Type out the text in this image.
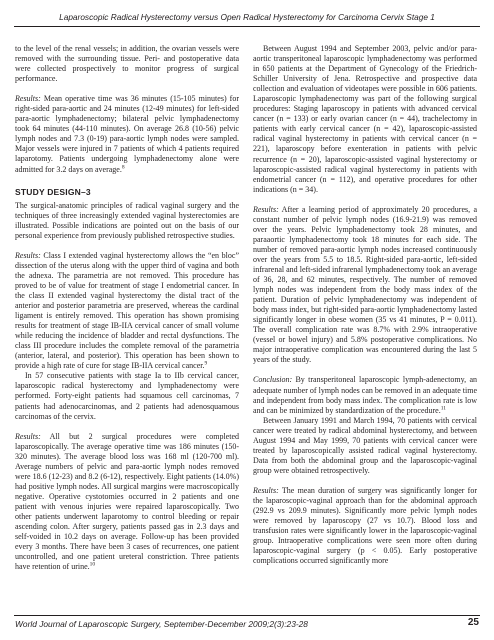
Laparoscopic Radical Hysterectomy versus Open Radical Hysterectomy for Carcinoma Cervix Stage 1

to the level of the renal vessels; in addition, the ovarian vessels were removed with the surrounding tissue. Peri- and postoperative data were collected prospectively to monitor progress of surgical performance.

Results: Mean operative time was 36 minutes (15-105 minutes) for right-sided para-aortic and 24 minutes (12-49 minutes) for left-sided para-aortic lymphadenectomy; bilateral pelvic lymphadenectomy took 64 minutes (44-110 minutes). On average 26.8 (10-56) pelvic lymph nodes and 7.3 (0-19) para-aortic lymph nodes were sampled. Major vessels were injured in 7 patients of which 4 patients required laparotomy. Patients undergoing lymphadenectomy alone were admitted for 3.2 days on average.$^8$

STUDY DESIGN–3

The surgical-anatomic principles of radical vaginal surgery and the techniques of three increasingly extended vaginal hysterectomies are illustrated. Possible indications are pointed out on the basis of our personal experience from previously published retrospective studies.

Results: Class I extended vaginal hysterectomy allows the “en bloc” dissection of the uterus along with the upper third of vagina and both the adnexa. The parametria are not removed. This procedure has proved to be of value for treatment of stage I endometrial cancer. In the class II extended vaginal hysterectomy the distal tract of the anterior and posterior parametria are preserved, whereas the cardinal ligament is entirely removed. This operation has shown promising results for treatment of stage IB-IIA cervical cancer of small volume while reducing the incidence of bladder and rectal dysfunctions. The class III procedure includes the complete removal of the parametria (anterior, lateral, and posterior). This operation has been shown to provide a high rate of cure for stage IB-IIA cervical cancer.$^9$

In 57 consecutive patients with stage Ia to IIb cervical cancer, laparoscopic radical hysterectomy and lymphadenectomy were performed. Forty-eight patients had squamous cell carcinomas, 7 patients had adenocarcinomas, and 2 patients had adenosquamous carcinomas of the cervix.

Results: All but 2 surgical procedures were completed laparoscopically. The average operative time was 186 minutes (150-320 minutes). The average blood loss was 168 ml (120-700 ml). Average numbers of pelvic and para-aortic lymph nodes removed were 18.6 (12-23) and 8.2 (6-12), respectively. Eight patients (14.0%) had positive lymph nodes. All surgical margins were macroscopically negative. Operative cystotomies occurred in 2 patients and one patient with venous injuries were repaired laparoscopically. Two other patients underwent laparotomy to control bleeding or repair ascending colon. After surgery, patients passed gas in 2.3 days and self-voided in 10.2 days on average. Follow-up has been provided every 3 months. There have been 3 cases of recurrences, one patient uncontrolled, and one patient ureteral constriction. Three patients have retention of urine.$^{10}$

Between August 1994 and September 2003, pelvic and/or para-aortic transperitoneal laparoscopic lymphadenectomy was performed in 650 patients at the Department of Gynecology of the Friedrich-Schiller University of Jena. Retrospective and prospective data collection and evaluation of videotapes were possible in 606 patients. Laparoscopic lymphadenectomy was part of the following surgical procedures: Staging laparoscopy in patients with advanced cervical cancer (n = 133) or early ovarian cancer (n = 44), trachelectomy in patients with early cervical cancer (n = 42), laparoscopic-assisted radical vaginal hysterectomy in patients with cervical cancer (n = 221), laparoscopy before exenteration in patients with pelvic recurrence (n = 20), laparoscopic-assisted vaginal hysterectomy or laparoscopic-assisted radical vaginal hysterectomy in patients with endometrial cancer (n = 112), and operative procedures for other indications (n = 34).

Results: After a learning period of approximately 20 procedures, a constant number of pelvic lymph nodes (16.9-21.9) was removed over the years. Pelvic lymphadenectomy took 28 minutes, and paraaortic lymphadenectomy took 18 minutes for each side. The number of removed para-aortic lymph nodes increased continuously over the years from 5.5 to 18.5. Right-sided para-aortic, left-sided infrarenal and left-sided infrarenal lymphadenectomy took an average of 36, 28, and 62 minutes, respectively. The number of removed lymph nodes was independent from the body mass index of the patient. Duration of pelvic lymphadenectomy was independent of body mass index, but right-sided para-aortic lymphadenectomy lasted significantly longer in obese women (35 vs 41 minutes, P = 0.011). The overall complication rate was 8.7% with 2.9% intraoperative (vessel or bowel injury) and 5.8% postoperative complications. No major intraoperative complication was encountered during the last 5 years of the study.

Conclusion: By transperitoneal laparoscopic lymph-adenectomy, an adequate number of lymph nodes can be removed in an adequate time and independent from body mass index. The complication rate is low and can be minimized by standardization of the procedure.$^{11}$

Between January 1991 and March 1994, 70 patients with cervical cancer were treated by radical abdominal hysterectomy, and between August 1994 and May 1999, 70 patients with cervical cancer were treated by laparoscopically assisted radical vaginal hysterectomy. Data from both the abdominal group and the laparoscopic-vaginal group were obtained retrospectively.

Results: The mean duration of surgery was significantly longer for the laparoscopic-vaginal approach than for the abdominal approach (292.9 vs 209.9 minutes). Significantly more pelvic lymph nodes were removed by laparoscopy (27 vs 10.7). Blood loss and transfusion rates were significantly lower in the laparoscopic-vaginal group. Intraoperative complications were seen more often during laparoscopic-vaginal surgery (p < 0.05). Early postoperative complications occurred significantly more

World Journal of Laparoscopic Surgery, September-December 2009;2(3):23-28	25
